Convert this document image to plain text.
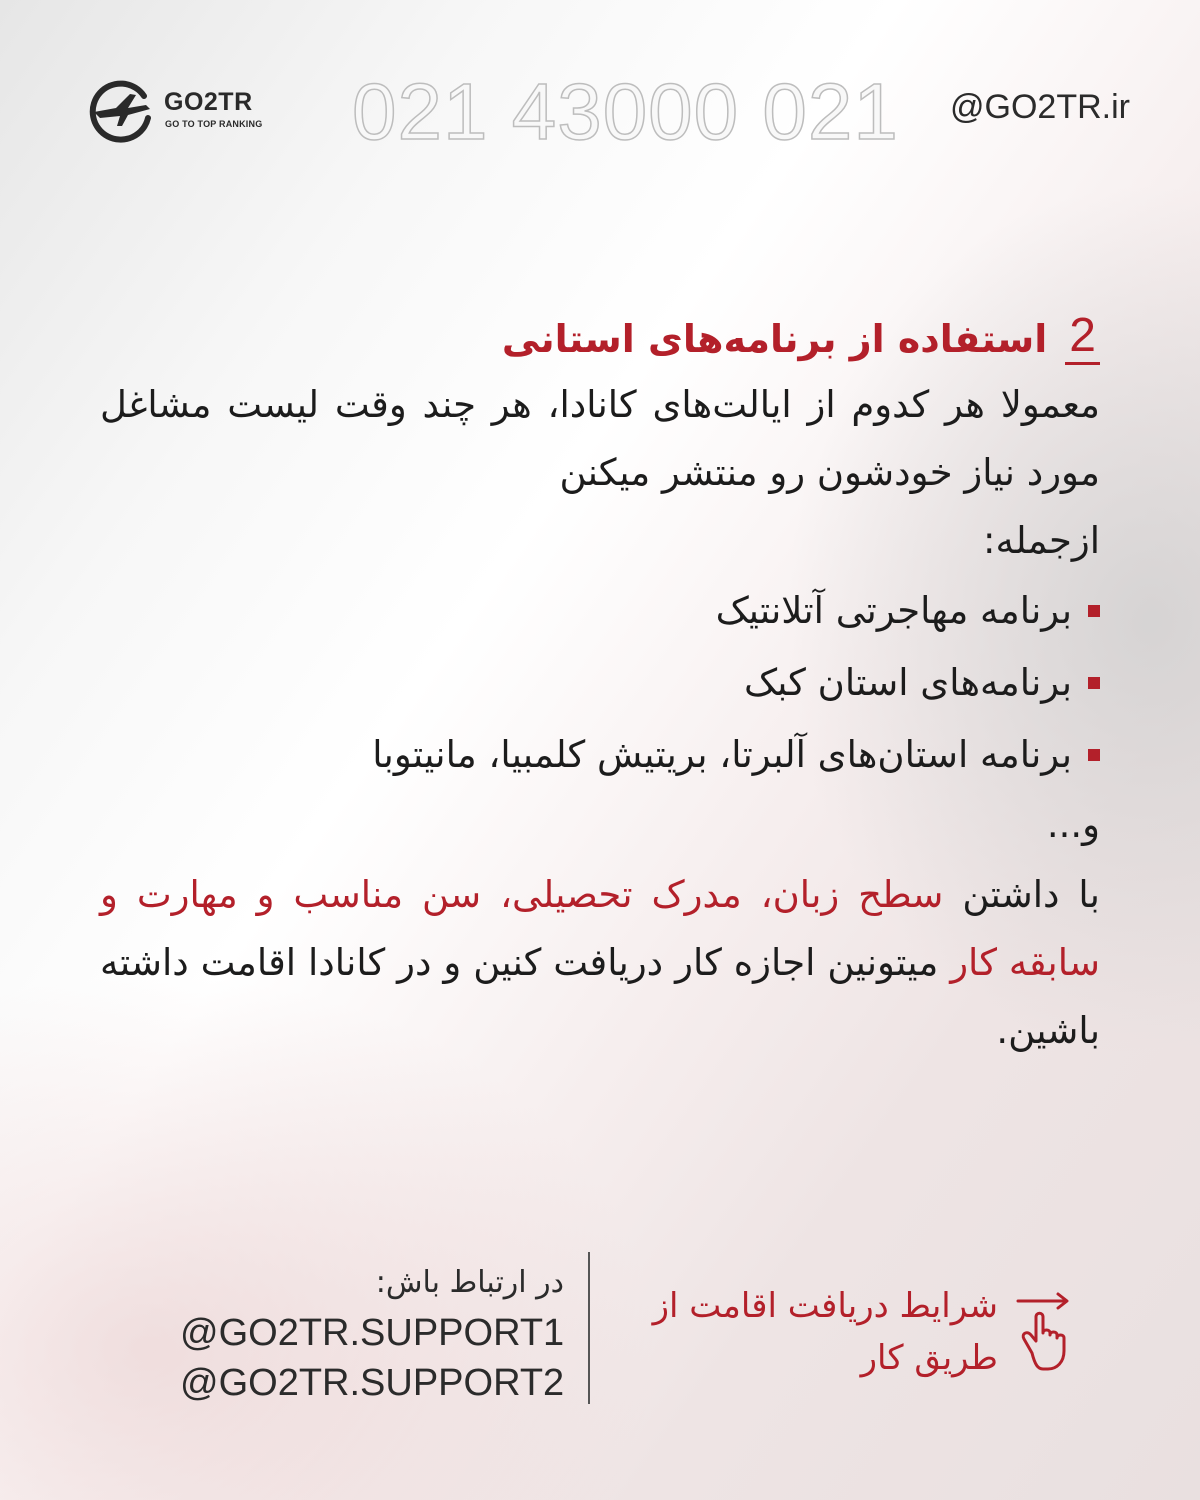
GO2TR
GO TO TOP RANKING 021 43000 021 @GO2TR.ir
2
استفاده از برنامه‌های استانی

معمولا هر کدوم از ایالت‌های کانادا، هر چند وقت لیست مشاغل مورد نیاز خودشون رو منتشر میکنن

ازجمله:

برنامه مهاجرتی آتلانتیک
برنامه‌های استان کبک
برنامه استان‌های آلبرتا، بریتیش کلمبیا، مانیتوبا

و...

با داشتن سطح زبان، مدرک تحصیلی، سن مناسب و مهارت و سابقه کار میتونین اجازه کار دریافت کنین و در کانادا اقامت داشته باشین.

شرایط دریافت اقامت از طریق کار
در ارتباط باش:
@GO2TR.SUPPORT1
@GO2TR.SUPPORT2
